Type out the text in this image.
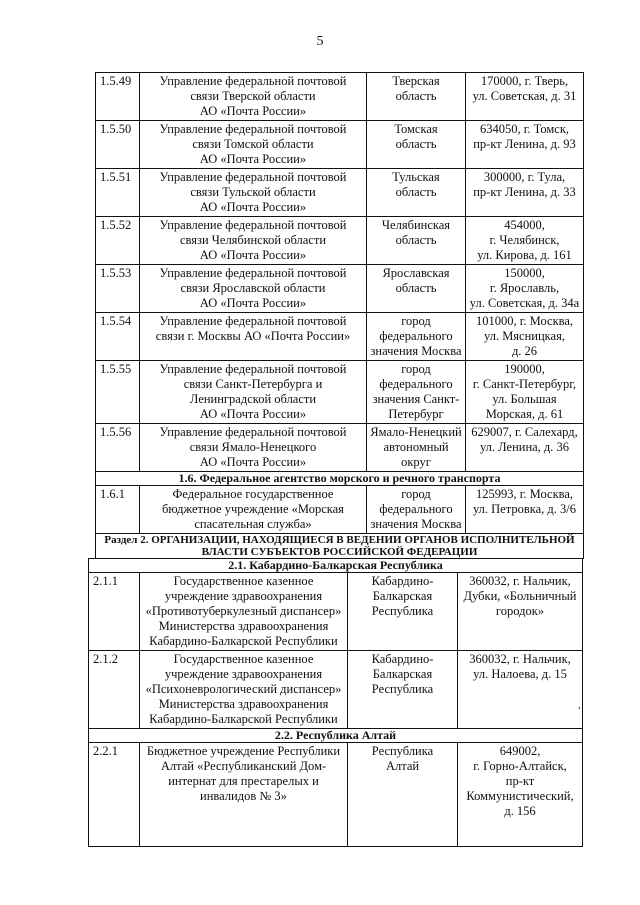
5
1.5.49	Управление федеральной почтовой
связи Тверской области
АО «Почта России»	Тверская
область	170000, г. Тверь,
ул. Советская, д. 31
1.5.50	Управление федеральной почтовой
связи Томской области
АО «Почта России»	Томская
область	634050, г. Томск,
пр-кт Ленина, д. 93
1.5.51	Управление федеральной почтовой
связи Тульской области
АО «Почта России»	Тульская
область	300000, г. Тула,
пр-кт Ленина, д. 33
1.5.52	Управление федеральной почтовой
связи Челябинской области
АО «Почта России»	Челябинская
область	454000,
г. Челябинск,
ул. Кирова, д. 161
1.5.53	Управление федеральной почтовой
связи Ярославской области
АО «Почта России»	Ярославская
область	150000,
г. Ярославль,
ул. Советская, д. 34а
1.5.54	Управление федеральной почтовой
связи г. Москвы АО «Почта России»	город
федерального
значения Москва	101000, г. Москва,
ул. Мясницкая,
д. 26
1.5.55	Управление федеральной почтовой
связи Санкт-Петербурга и
Ленинградской области
АО «Почта России»	город
федерального
значения Санкт-
Петербург	190000,
г. Санкт-Петербург,
ул. Большая
Морская, д. 61
1.5.56	Управление федеральной почтовой
связи Ямало-Ненецкого
АО «Почта России»	Ямало-Ненецкий
автономный
округ	629007, г. Салехард,
ул. Ленина, д. 36
1.6. Федеральное агентство морского и речного транспорта			
1.6.1	Федеральное государственное
бюджетное учреждение «Морская
спасательная служба»	город
федерального
значения Москва	125993, г. Москва,
ул. Петровка, д. 3/6
Раздел 2. ОРГАНИЗАЦИИ, НАХОДЯЩИЕСЯ В ВЕДЕНИИ ОРГАНОВ ИСПОЛНИТЕЛЬНОЙ
ВЛАСТИ СУБЪЕКТОВ РОССИЙСКОЙ ФЕДЕРАЦИИ			
2.1. Кабардино-Балкарская Республика			
2.1.1	Государственное казенное
учреждение здравоохранения
«Противотуберкулезный диспансер»
Министерства здравоохранения
Кабардино-Балкарской Республики	Кабардино-
Балкарская
Республика	360032, г. Нальчик,
Дубки, «Больничный
городок»
2.1.2	Государственное казенное
учреждение здравоохранения
«Психоневрологический диспансер»
Министерства здравоохранения
Кабардино-Балкарской Республики	Кабардино-
Балкарская
Республика	360032, г. Нальчик,
ул. Налоева, д. 15
2.2. Республика Алтай			
2.2.1	Бюджетное учреждение Республики
Алтай «Республиканский Дом-
интернат для престарелых и
инвалидов № 3»	Республика
Алтай	649002,
г. Горно-Алтайск,
пр-кт
Коммунистический,
д. 156
,
